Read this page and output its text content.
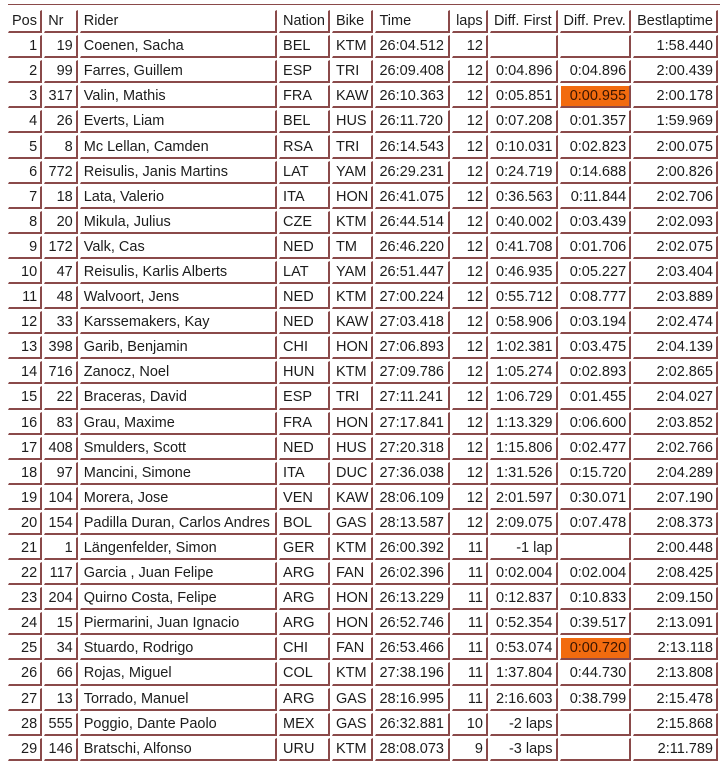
Pos	Nr	Rider	Nation	Bike	Time	laps	Diff. First	Diff. Prev.	Bestlaptime
1	19	Coenen, Sacha	BEL	KTM	26:04.512	12			1:58.440
2	99	Farres, Guillem	ESP	TRI	26:09.408	12	0:04.896	0:04.896	2:00.439
3	317	Valin, Mathis	FRA	KAW	26:10.363	12	0:05.851	0:00.955	2:00.178
4	26	Everts, Liam	BEL	HUS	26:11.720	12	0:07.208	0:01.357	1:59.969
5	8	Mc Lellan, Camden	RSA	TRI	26:14.543	12	0:10.031	0:02.823	2:00.075
6	772	Reisulis, Janis Martins	LAT	YAM	26:29.231	12	0:24.719	0:14.688	2:00.826
7	18	Lata, Valerio	ITA	HON	26:41.075	12	0:36.563	0:11.844	2:02.706
8	20	Mikula, Julius	CZE	KTM	26:44.514	12	0:40.002	0:03.439	2:02.093
9	172	Valk, Cas	NED	TM	26:46.220	12	0:41.708	0:01.706	2:02.075
10	47	Reisulis, Karlis Alberts	LAT	YAM	26:51.447	12	0:46.935	0:05.227	2:03.404
11	48	Walvoort, Jens	NED	KTM	27:00.224	12	0:55.712	0:08.777	2:03.889
12	33	Karssemakers, Kay	NED	KAW	27:03.418	12	0:58.906	0:03.194	2:02.474
13	398	Garib, Benjamin	CHI	HON	27:06.893	12	1:02.381	0:03.475	2:04.139
14	716	Zanocz, Noel	HUN	KTM	27:09.786	12	1:05.274	0:02.893	2:02.865
15	22	Braceras, David	ESP	TRI	27:11.241	12	1:06.729	0:01.455	2:04.027
16	83	Grau, Maxime	FRA	HON	27:17.841	12	1:13.329	0:06.600	2:03.852
17	408	Smulders, Scott	NED	HUS	27:20.318	12	1:15.806	0:02.477	2:02.766
18	97	Mancini, Simone	ITA	DUC	27:36.038	12	1:31.526	0:15.720	2:04.289
19	104	Morera, Jose	VEN	KAW	28:06.109	12	2:01.597	0:30.071	2:07.190
20	154	Padilla Duran, Carlos Andres	BOL	GAS	28:13.587	12	2:09.075	0:07.478	2:08.373
21	1	Längenfelder, Simon	GER	KTM	26:00.392	11	-1 lap		2:00.448
22	117	Garcia , Juan Felipe	ARG	FAN	26:02.396	11	0:02.004	0:02.004	2:08.425
23	204	Quirno Costa, Felipe	ARG	HON	26:13.229	11	0:12.837	0:10.833	2:09.150
24	15	Piermarini, Juan Ignacio	ARG	HON	26:52.746	11	0:52.354	0:39.517	2:13.091
25	34	Stuardo, Rodrigo	CHI	FAN	26:53.466	11	0:53.074	0:00.720	2:13.118
26	66	Rojas, Miguel	COL	KTM	27:38.196	11	1:37.804	0:44.730	2:13.808
27	13	Torrado, Manuel	ARG	GAS	28:16.995	11	2:16.603	0:38.799	2:15.478
28	555	Poggio, Dante Paolo	MEX	GAS	26:32.881	10	-2 laps		2:15.868
29	146	Bratschi, Alfonso	URU	KTM	28:08.073	9	-3 laps		2:11.789
